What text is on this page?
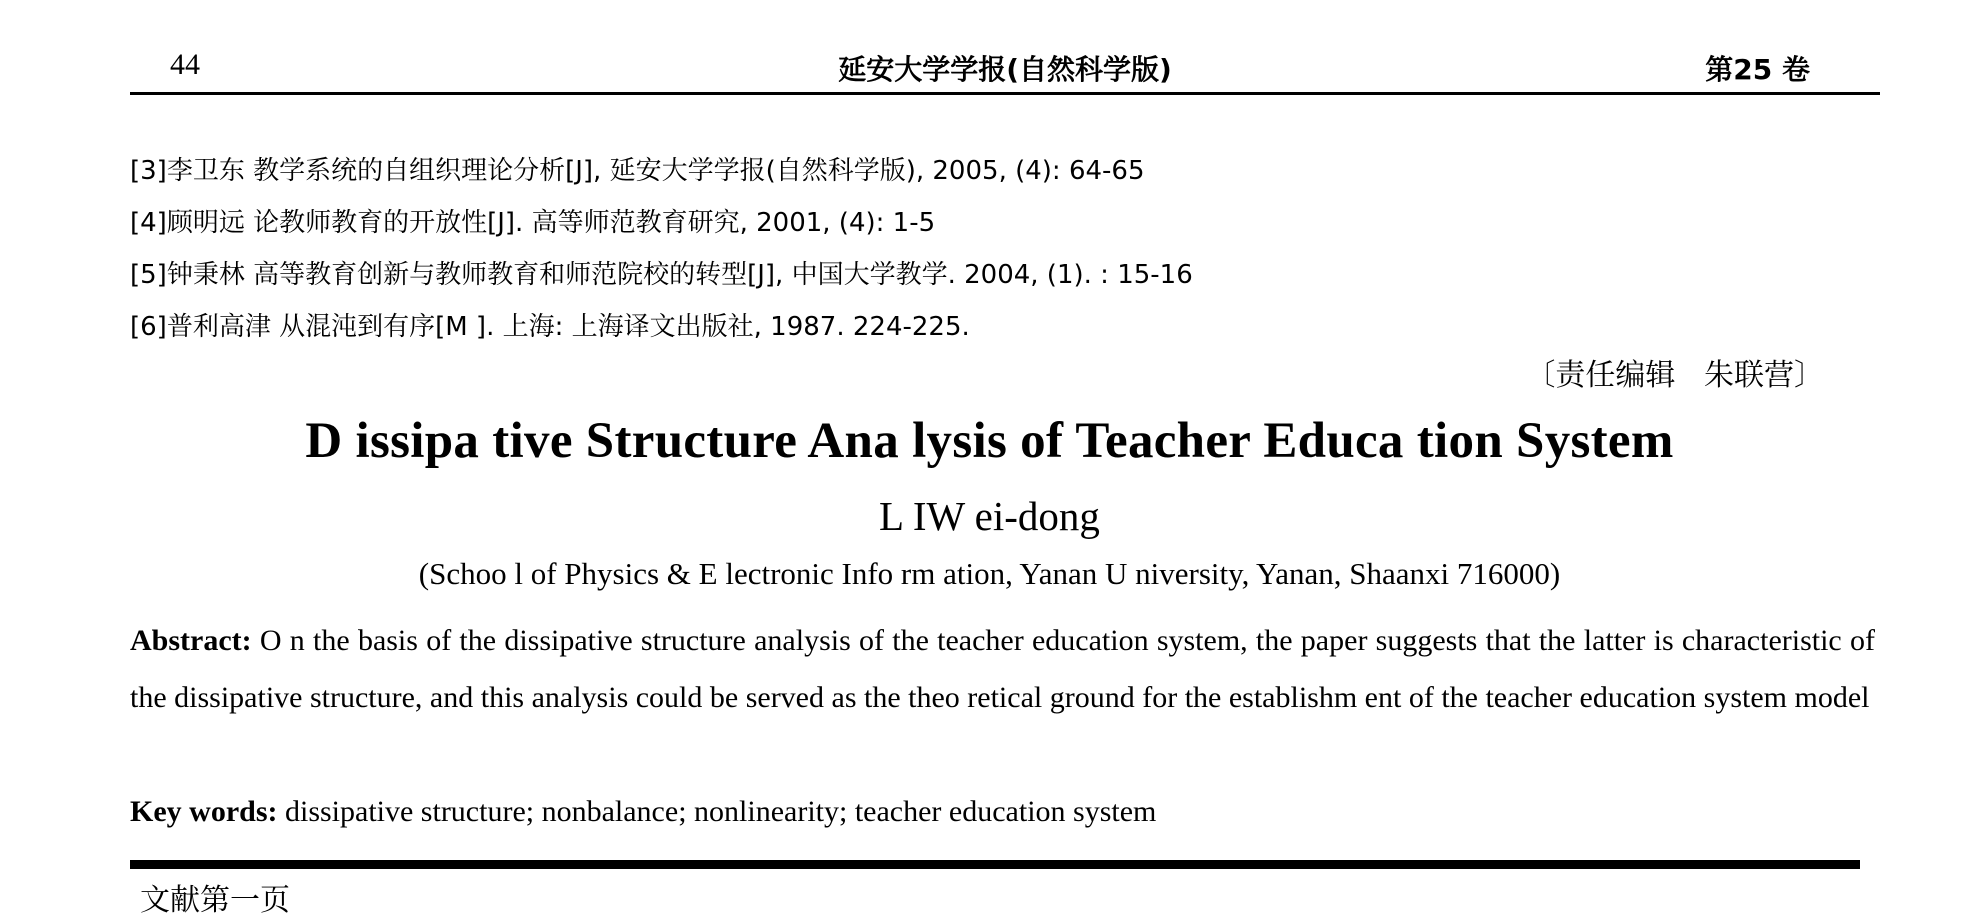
44	延安大学学报(自然科学版)	第25 卷
[3]李卫东 教学系统的自组织理论分析[J], 延安大学学报(自然科学版), 2005, (4): 64-65
[4]顾明远 论教师教育的开放性[J]. 高等师范教育研究, 2001, (4): 1-5
[5]钟秉林 高等教育创新与教师教育和师范院校的转型[J], 中国大学教学. 2004, (1). : 15-16
[6]普利高津 从混沌到有序[M ]. 上海: 上海译文出版社, 1987. 224-225.
〔责任编辑   朱联营〕
D issipa tive Structure Ana lysis of Teacher Educa tion System
L IW ei-dong
(Schoo l of Physics & E lectronic Info rm ation, Yanan U niversity, Yanan, Shaanxi 716000)

Abstract: O n the basis of the dissipative structure analysis of the teacher education system, the paper suggests that the latter is characteristic of the dissipative structure, and this analysis could be served as the theo retical ground for the establishm ent of the teacher education system model

Key words: dissipative structure; nonbalance; nonlinearity; teacher education system

文献第一页
